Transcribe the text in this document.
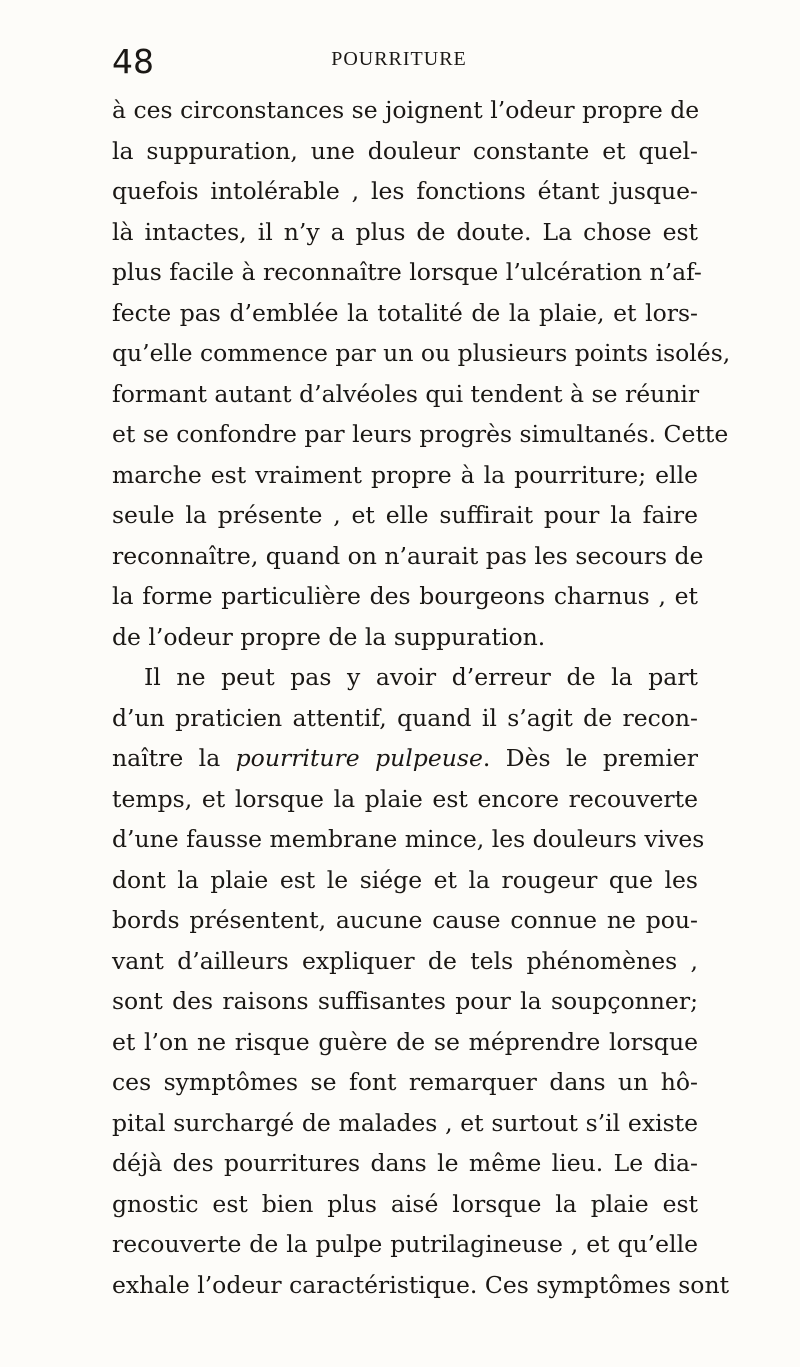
48	POURRITURE

à ces circonstances se joignent l’odeur propre de
la suppuration, une douleur constante et quel-
quefois intolérable , les fonctions étant jusque-
là intactes, il n’y a plus de doute. La chose est
plus facile à reconnaître lorsque l’ulcération n’af-
fecte pas d’emblée la totalité de la plaie, et lors-
qu’elle commence par un ou plusieurs points isolés,
formant autant d’alvéoles qui tendent à se réunir
et se confondre par leurs progrès simultanés. Cette
marche est vraiment propre à la pourriture; elle
seule la présente , et elle suffirait pour la faire
reconnaître, quand on n’aurait pas les secours de
la forme particulière des bourgeons charnus , et
de l’odeur propre de la suppuration.

Il ne peut pas y avoir d’erreur de la part
d’un praticien attentif, quand il s’agit de recon-
naître la pourriture pulpeuse. Dès le premier
temps, et lorsque la plaie est encore recouverte
d’une fausse membrane mince, les douleurs vives
dont la plaie est le siége et la rougeur que les
bords présentent, aucune cause connue ne pou-
vant d’ailleurs expliquer de tels phénomènes ,
sont des raisons suffisantes pour la soupçonner;
et l’on ne risque guère de se méprendre lorsque
ces symptômes se font remarquer dans un hô-
pital surchargé de malades , et surtout s’il existe
déjà des pourritures dans le même lieu. Le dia-
gnostic est bien plus aisé lorsque la plaie est
recouverte de la pulpe putrilagineuse , et qu’elle
exhale l’odeur caractéristique. Ces symptômes sont
